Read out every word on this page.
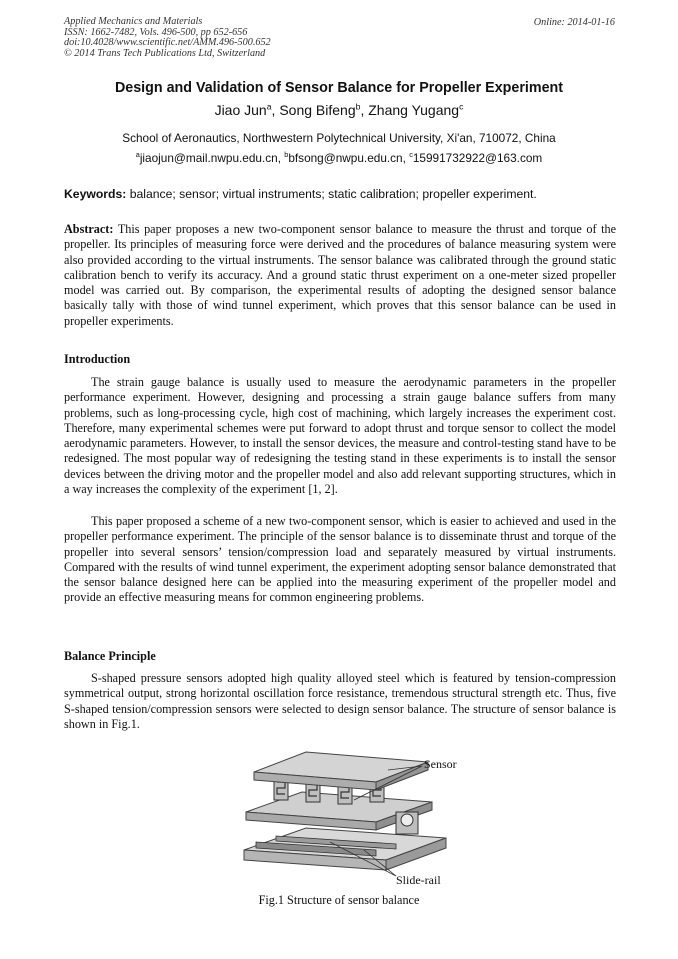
Applied Mechanics and Materials
ISSN: 1662-7482, Vols. 496-500, pp 652-656
doi:10.4028/www.scientific.net/AMM.496-500.652
© 2014 Trans Tech Publications Ltd, Switzerland
Online: 2014-01-16
Design and Validation of Sensor Balance for Propeller Experiment
Jiao Jun$^a$, Song Bifeng$^b$, Zhang Yugang$^c$
School of Aeronautics, Northwestern Polytechnical University, Xi'an, 710072, China
$^a$jiaojun@mail.nwpu.edu.cn, $^b$bfsong@nwpu.edu.cn, $^c$15991732922@163.com
Keywords: balance; sensor; virtual instruments; static calibration; propeller experiment.
Abstract: This paper proposes a new two-component sensor balance to measure the thrust and torque of the propeller. Its principles of measuring force were derived and the procedures of balance measuring system were also provided according to the virtual instruments. The sensor balance was calibrated through the ground static calibration bench to verify its accuracy. And a ground static thrust experiment on a one-meter sized propeller model was carried out. By comparison, the experimental results of adopting the designed sensor balance basically tally with those of wind tunnel experiment, which proves that this sensor balance can be used in propeller experiments.
Introduction
The strain gauge balance is usually used to measure the aerodynamic parameters in the propeller performance experiment. However, designing and processing a strain gauge balance suffers from many problems, such as long-processing cycle, high cost of machining, which largely increases the experiment cost. Therefore, many experimental schemes were put forward to adopt thrust and torque sensor to collect the model aerodynamic parameters. However, to install the sensor devices, the measure and control-testing stand have to be redesigned. The most popular way of redesigning the testing stand in these experiments is to install the sensor devices between the driving motor and the propeller model and also add relevant supporting structures, which in a way increases the complexity of the experiment [1, 2].
This paper proposed a scheme of a new two-component sensor, which is easier to achieved and used in the propeller performance experiment. The principle of the sensor balance is to disseminate thrust and torque of the propeller into several sensors’ tension/compression load and separately measured by virtual instruments. Compared with the results of wind tunnel experiment, the experiment adopting sensor balance demonstrated that the sensor balance designed here can be applied into the measuring experiment of the propeller model and provide an effective measuring means for common engineering problems.
Balance Principle
S-shaped pressure sensors adopted high quality alloyed steel which is featured by tension-compression symmetrical output, strong horizontal oscillation force resistance, tremendous structural strength etc. Thus, five S-shaped tension/compression sensors were selected to design sensor balance. The structure of sensor balance is shown in Fig.1.
Sensor
Slide-rail
Fig.1 Structure of sensor balance
